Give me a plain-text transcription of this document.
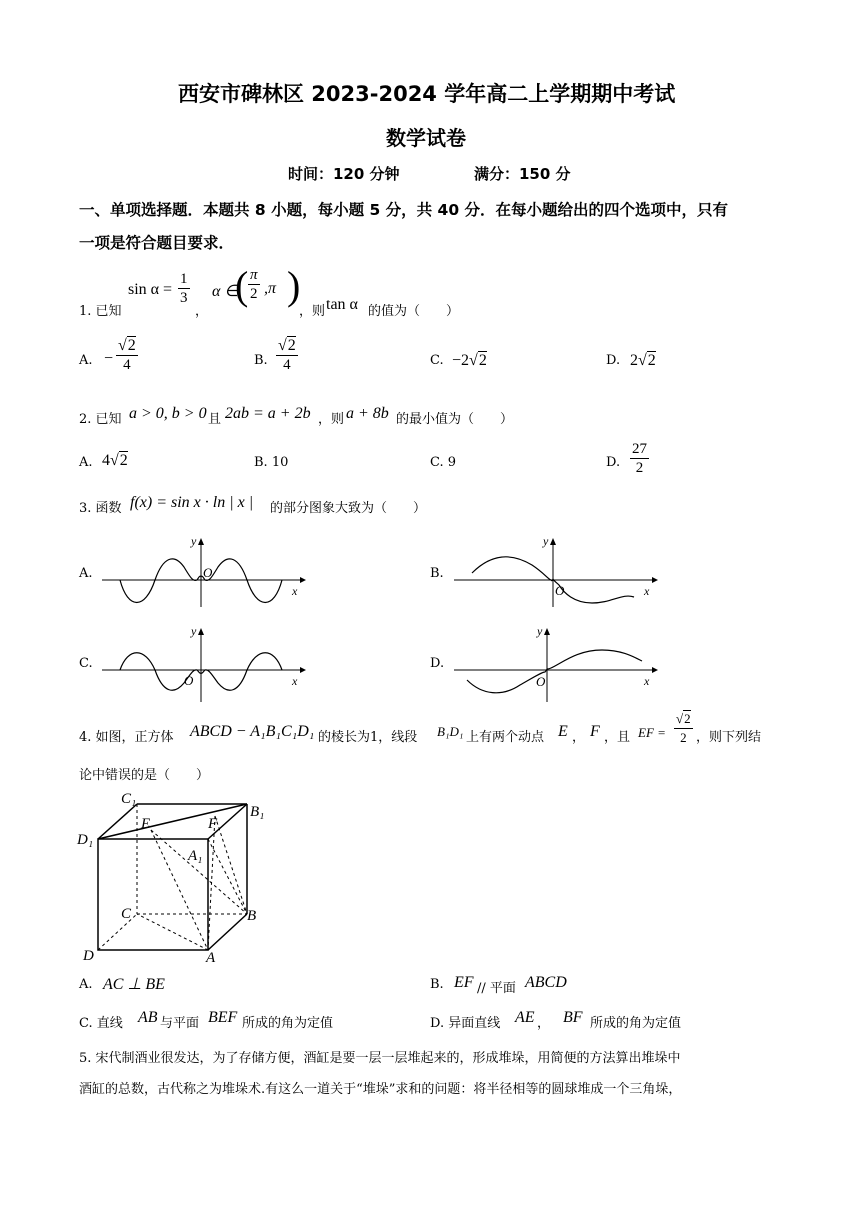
西安市碑林区 2023-2024 学年高二上学期期中考试
数学试卷
时间：120 分钟	满分：150 分
一、单项选择题．本题共 8 小题，每小题 5 分，共 40 分．在每小题给出的四个选项中，只有
一项是符合题目要求．
1. 已知
$\sin \alpha = \frac{1}{3}$
，
α ∈
( $\frac{\pi}{2} ,\pi$ )
，则 tan α 的值为（　　）
A. − $\frac{√2}{4}$	B. $\frac{√2}{4}$	C. −2√2	D. 2√2
2. 已知 a > 0, b > 0 且 2ab = a + 2b ，则 a + 8b 的最小值为（　　）
A. 4√2	B. 10	C. 9	D. $\frac{27}{2}$
3. 函数 f(x) = sin x · ln | x | 的部分图象大致为（　　）
A.	B.
C.	D.
y
x
O
y
x
O
y
x
O
y
x
O
4. 如图，正方体 ABCD − A₁B₁C₁D₁ 的棱长为1，线段 B₁D₁ 上有两个动点 E ， F ，且 EF = $\frac{√2}{2}$ ，则下列结
论中错误的是（　　）
C₁
B₁
D₁
A₁
E	F
C	B
D	A
A. AC ⊥ BE	B. EF // 平面 ABCD
C. 直线 AB 与平面 BEF 所成的角为定值	D. 异面直线 AE ， BF 所成的角为定值
5. 宋代制酒业很发达，为了存储方便，酒缸是要一层一层堆起来的，形成堆垛，用简便的方法算出堆垛中
酒缸的总数，古代称之为堆垛术.有这么一道关于“堆垛”求和的问题：将半径相等的圆球堆成一个三角垛，
